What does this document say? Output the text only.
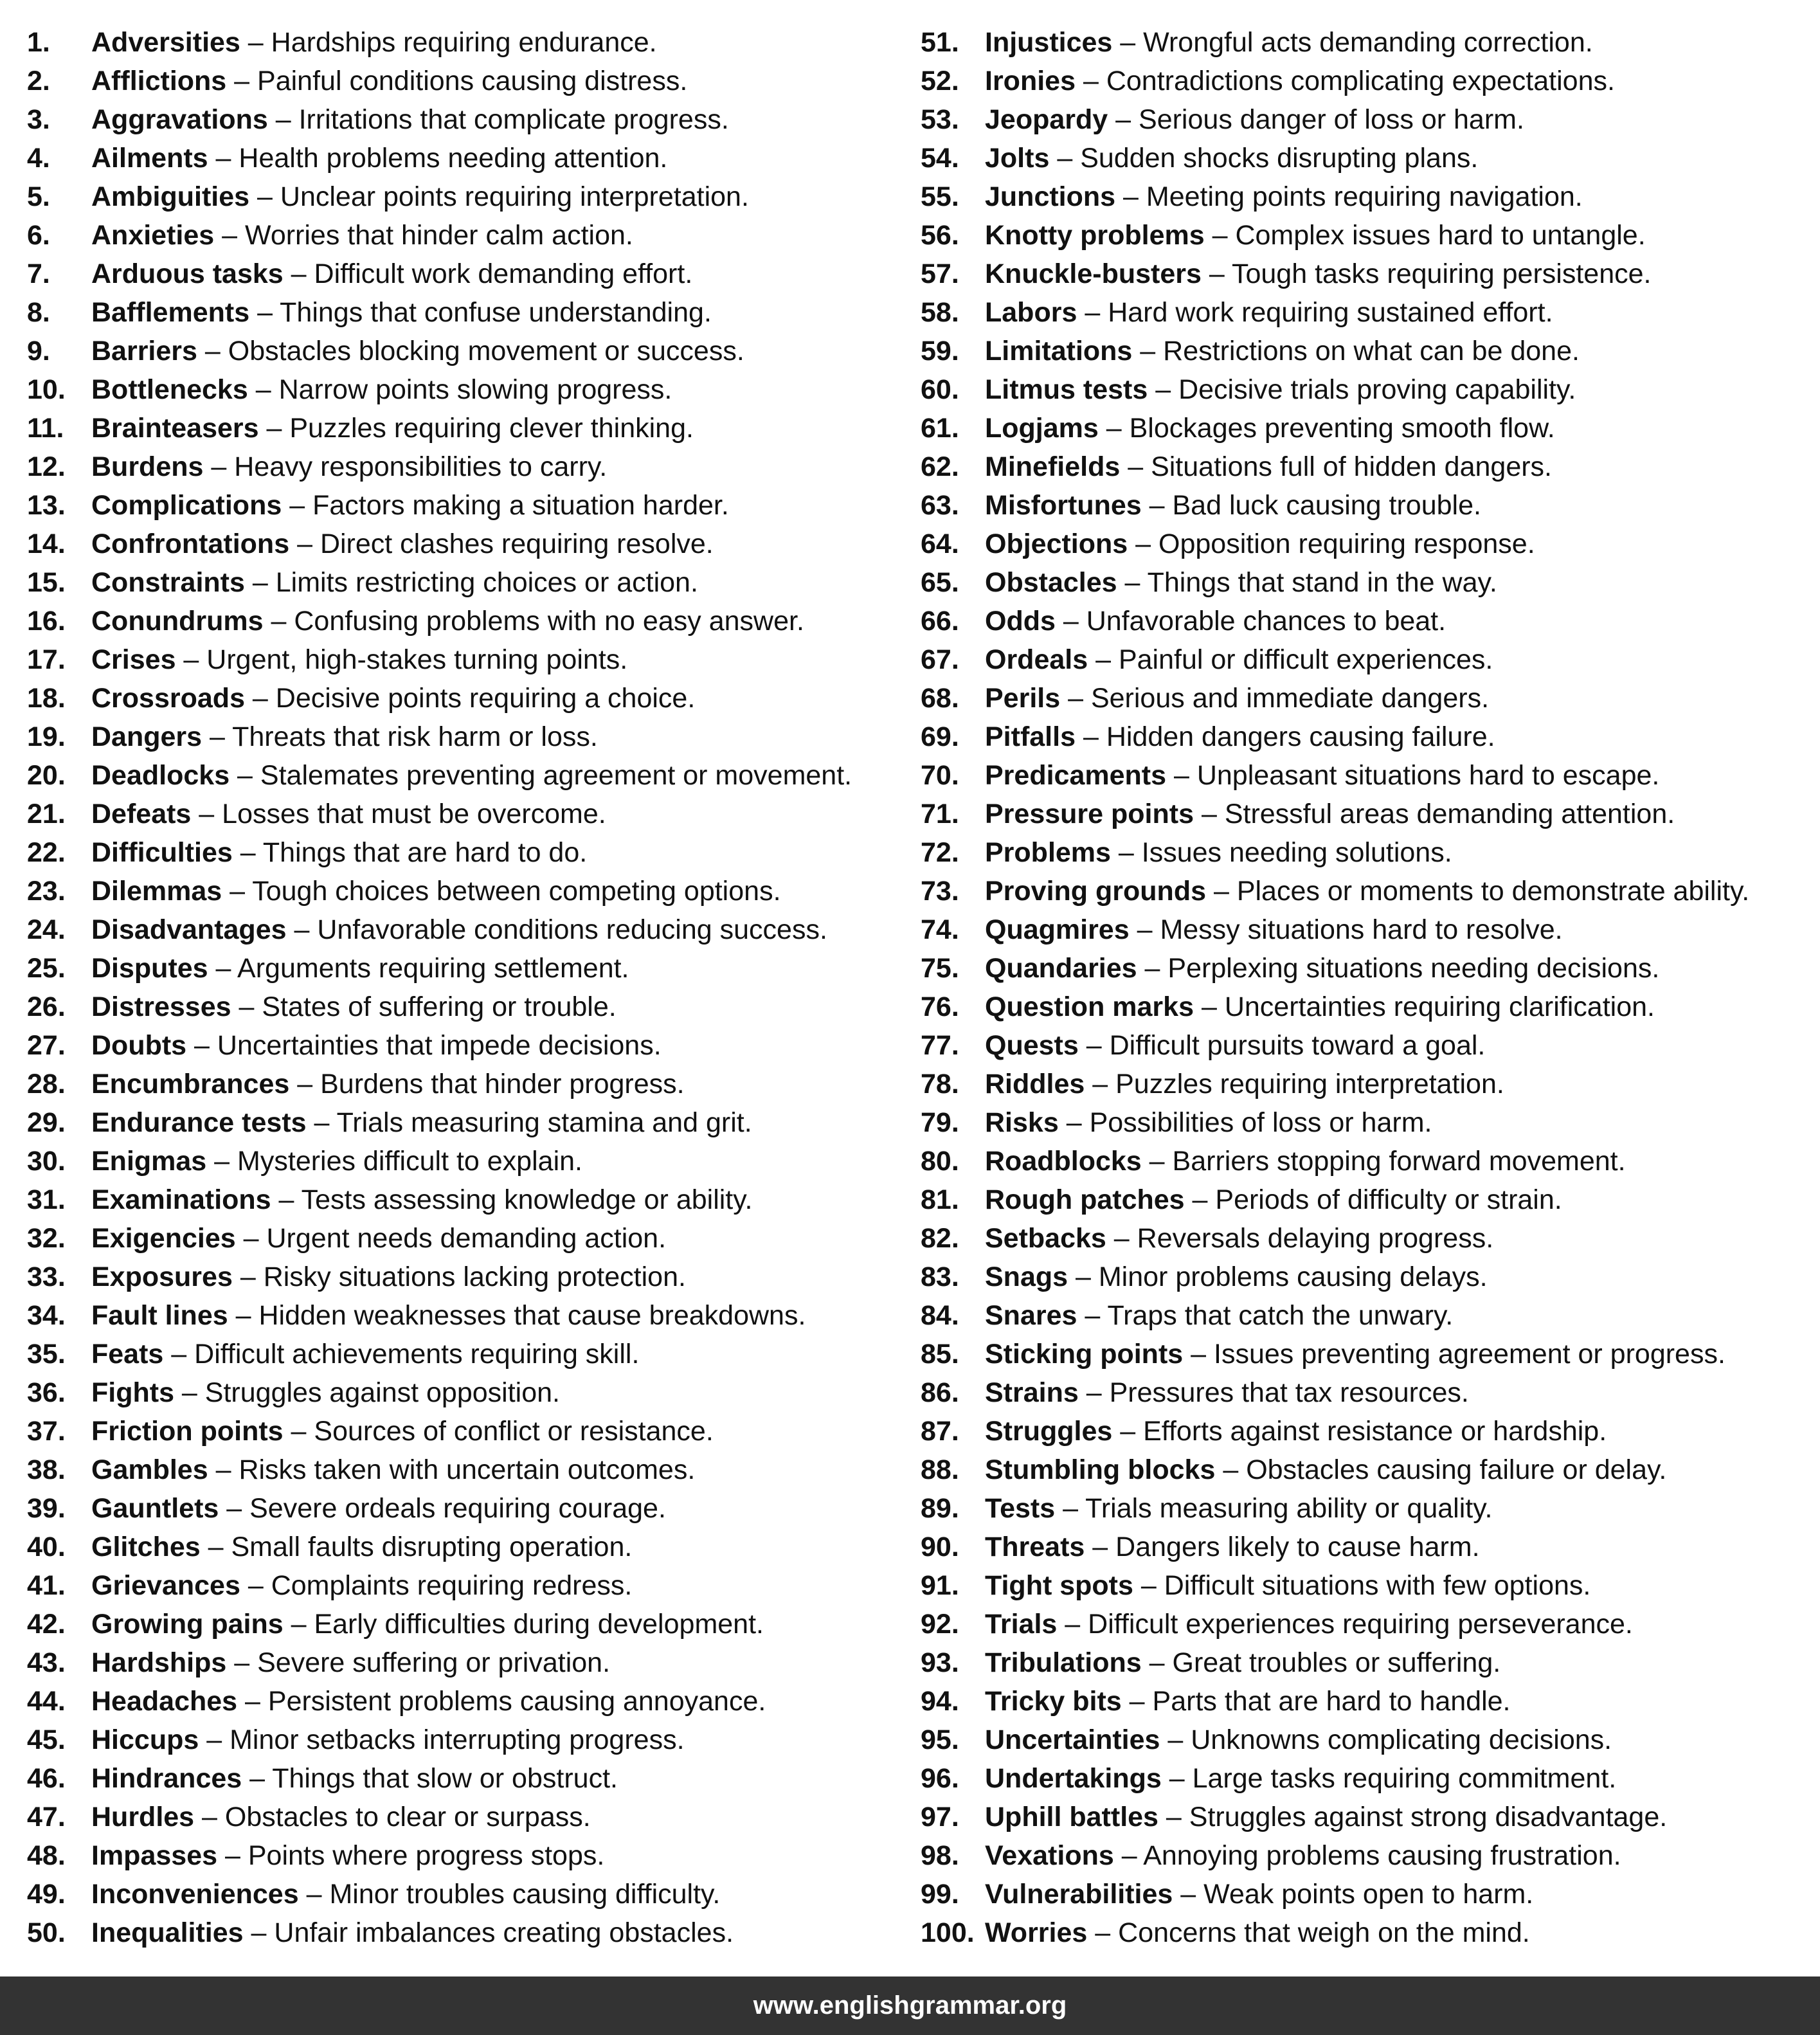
1. Adversities – Hardships requiring endurance.
2. Afflictions – Painful conditions causing distress.
3. Aggravations – Irritations that complicate progress.
4. Ailments – Health problems needing attention.
5. Ambiguities – Unclear points requiring interpretation.
6. Anxieties – Worries that hinder calm action.
7. Arduous tasks – Difficult work demanding effort.
8. Bafflements – Things that confuse understanding.
9. Barriers – Obstacles blocking movement or success.
10. Bottlenecks – Narrow points slowing progress.
11. Brainteasers – Puzzles requiring clever thinking.
12. Burdens – Heavy responsibilities to carry.
13. Complications – Factors making a situation harder.
14. Confrontations – Direct clashes requiring resolve.
15. Constraints – Limits restricting choices or action.
16. Conundrums – Confusing problems with no easy answer.
17. Crises – Urgent, high-stakes turning points.
18. Crossroads – Decisive points requiring a choice.
19. Dangers – Threats that risk harm or loss.
20. Deadlocks – Stalemates preventing agreement or movement.
21. Defeats – Losses that must be overcome.
22. Difficulties – Things that are hard to do.
23. Dilemmas – Tough choices between competing options.
24. Disadvantages – Unfavorable conditions reducing success.
25. Disputes – Arguments requiring settlement.
26. Distresses – States of suffering or trouble.
27. Doubts – Uncertainties that impede decisions.
28. Encumbrances – Burdens that hinder progress.
29. Endurance tests – Trials measuring stamina and grit.
30. Enigmas – Mysteries difficult to explain.
31. Examinations – Tests assessing knowledge or ability.
32. Exigencies – Urgent needs demanding action.
33. Exposures – Risky situations lacking protection.
34. Fault lines – Hidden weaknesses that cause breakdowns.
35. Feats – Difficult achievements requiring skill.
36. Fights – Struggles against opposition.
37. Friction points – Sources of conflict or resistance.
38. Gambles – Risks taken with uncertain outcomes.
39. Gauntlets – Severe ordeals requiring courage.
40. Glitches – Small faults disrupting operation.
41. Grievances – Complaints requiring redress.
42. Growing pains – Early difficulties during development.
43. Hardships – Severe suffering or privation.
44. Headaches – Persistent problems causing annoyance.
45. Hiccups – Minor setbacks interrupting progress.
46. Hindrances – Things that slow or obstruct.
47. Hurdles – Obstacles to clear or surpass.
48. Impasses – Points where progress stops.
49. Inconveniences – Minor troubles causing difficulty.
50. Inequalities – Unfair imbalances creating obstacles.
51. Injustices – Wrongful acts demanding correction.
52. Ironies – Contradictions complicating expectations.
53. Jeopardy – Serious danger of loss or harm.
54. Jolts – Sudden shocks disrupting plans.
55. Junctions – Meeting points requiring navigation.
56. Knotty problems – Complex issues hard to untangle.
57. Knuckle-busters – Tough tasks requiring persistence.
58. Labors – Hard work requiring sustained effort.
59. Limitations – Restrictions on what can be done.
60. Litmus tests – Decisive trials proving capability.
61. Logjams – Blockages preventing smooth flow.
62. Minefields – Situations full of hidden dangers.
63. Misfortunes – Bad luck causing trouble.
64. Objections – Opposition requiring response.
65. Obstacles – Things that stand in the way.
66. Odds – Unfavorable chances to beat.
67. Ordeals – Painful or difficult experiences.
68. Perils – Serious and immediate dangers.
69. Pitfalls – Hidden dangers causing failure.
70. Predicaments – Unpleasant situations hard to escape.
71. Pressure points – Stressful areas demanding attention.
72. Problems – Issues needing solutions.
73. Proving grounds – Places or moments to demonstrate ability.
74. Quagmires – Messy situations hard to resolve.
75. Quandaries – Perplexing situations needing decisions.
76. Question marks – Uncertainties requiring clarification.
77. Quests – Difficult pursuits toward a goal.
78. Riddles – Puzzles requiring interpretation.
79. Risks – Possibilities of loss or harm.
80. Roadblocks – Barriers stopping forward movement.
81. Rough patches – Periods of difficulty or strain.
82. Setbacks – Reversals delaying progress.
83. Snags – Minor problems causing delays.
84. Snares – Traps that catch the unwary.
85. Sticking points – Issues preventing agreement or progress.
86. Strains – Pressures that tax resources.
87. Struggles – Efforts against resistance or hardship.
88. Stumbling blocks – Obstacles causing failure or delay.
89. Tests – Trials measuring ability or quality.
90. Threats – Dangers likely to cause harm.
91. Tight spots – Difficult situations with few options.
92. Trials – Difficult experiences requiring perseverance.
93. Tribulations – Great troubles or suffering.
94. Tricky bits – Parts that are hard to handle.
95. Uncertainties – Unknowns complicating decisions.
96. Undertakings – Large tasks requiring commitment.
97. Uphill battles – Struggles against strong disadvantage.
98. Vexations – Annoying problems causing frustration.
99. Vulnerabilities – Weak points open to harm.
100. Worries – Concerns that weigh on the mind.
www.englishgrammar.org
